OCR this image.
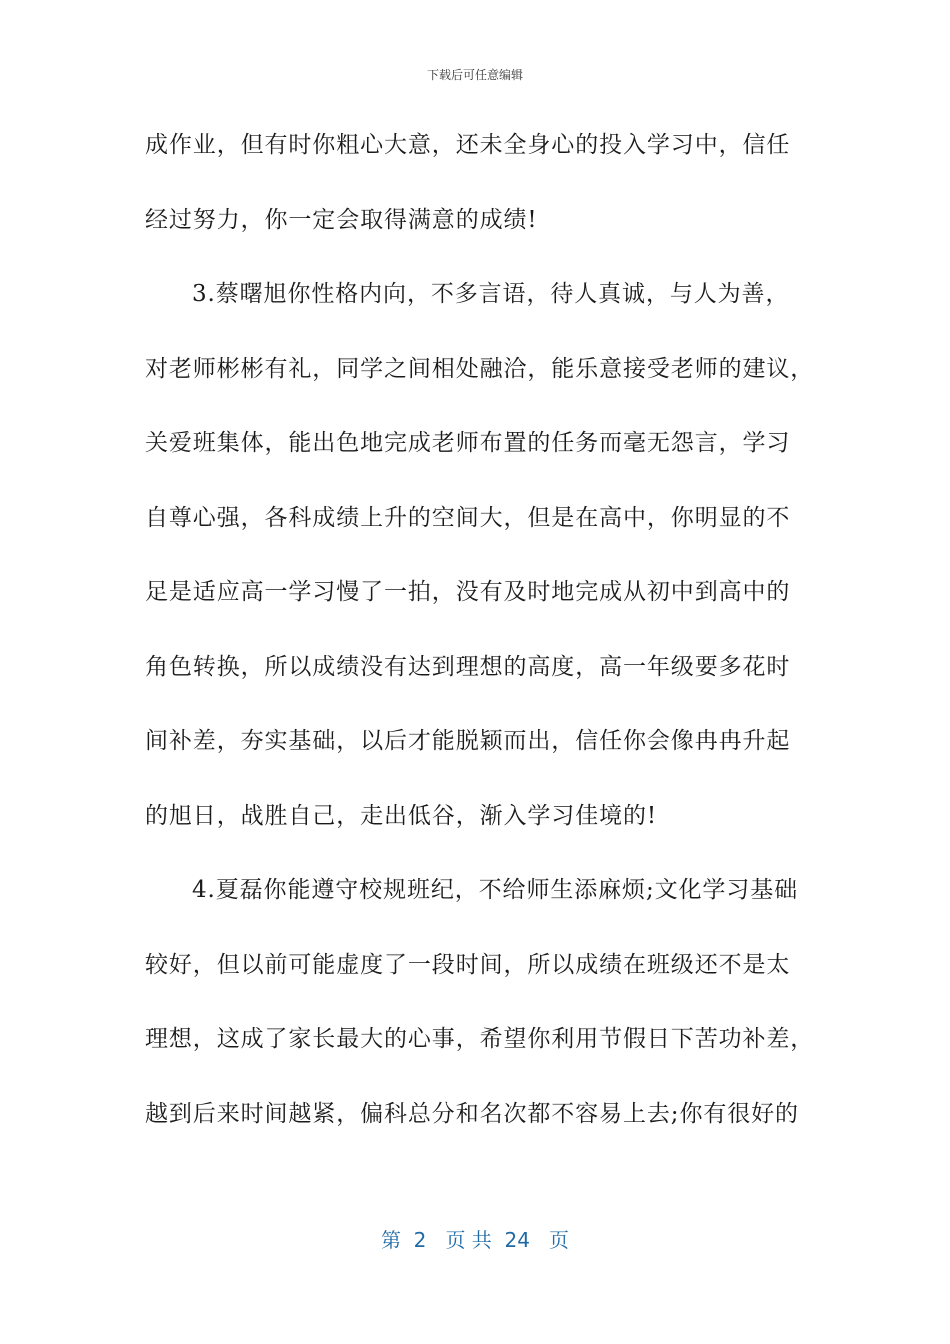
下载后可任意编辑
成作业，但有时你粗心大意，还未全身心的投入学习中，信任
经过努力，你一定会取得满意的成绩!
3.蔡曙旭你性格内向，不多言语，待人真诚，与人为善，
对老师彬彬有礼，同学之间相处融洽，能乐意接受老师的建议，
关爱班集体，能出色地完成老师布置的任务而毫无怨言，学习
自尊心强，各科成绩上升的空间大，但是在高中，你明显的不
足是适应高一学习慢了一拍，没有及时地完成从初中到高中的
角色转换，所以成绩没有达到理想的高度，高一年级要多花时
间补差，夯实基础，以后才能脱颖而出，信任你会像冉冉升起
的旭日，战胜自己，走出低谷，渐入学习佳境的!
4.夏磊你能遵守校规班纪，不给师生添麻烦;文化学习基础
较好，但以前可能虚度了一段时间，所以成绩在班级还不是太
理想，这成了家长最大的心事，希望你利用节假日下苦功补差，
越到后来时间越紧，偏科总分和名次都不容易上去;你有很好的
第  2   页 共  24   页
